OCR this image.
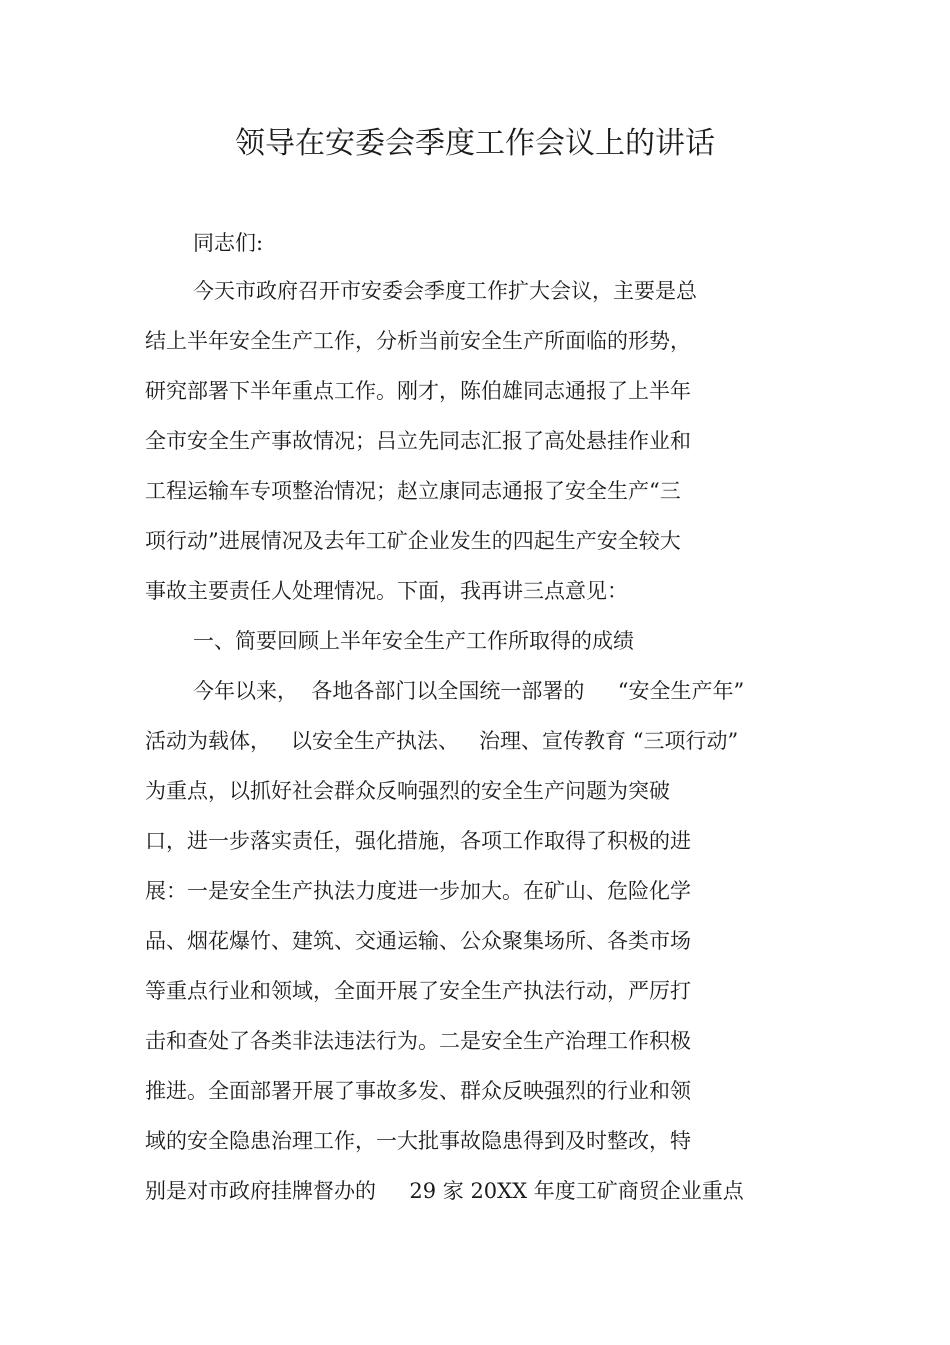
领导在安委会季度工作会议上的讲话
同志们:
今天市政府召开市安委会季度工作扩大会议，主要是总
结上半年安全生产工作，分析当前安全生产所面临的形势，
研究部署下半年重点工作。刚才，陈伯雄同志通报了上半年
全市安全生产事故情况；吕立先同志汇报了高处悬挂作业和
工程运输车专项整治情况；赵立康同志通报了安全生产“三
项行动”进展情况及去年工矿企业发生的四起生产安全较大
事故主要责任人处理情况。下面，我再讲三点意见：
一、简要回顾上半年安全生产工作所取得的成绩
今年以来，  各地各部门以全国统一部署的     “安全生产年”
活动为载体，   以安全生产执法、   治理、宣传教育 “三项行动”
为重点，以抓好社会群众反响强烈的安全生产问题为突破
口，进一步落实责任，强化措施，各项工作取得了积极的进
展：一是安全生产执法力度进一步加大。在矿山、危险化学
品、烟花爆竹、建筑、交通运输、公众聚集场所、各类市场
等重点行业和领域，全面开展了安全生产执法行动，严厉打
击和查处了各类非法违法行为。二是安全生产治理工作积极
推进。全面部署开展了事故多发、群众反映强烈的行业和领
域的安全隐患治理工作，一大批事故隐患得到及时整改，特
别是对市政府挂牌督办的     29 家 20XX 年度工矿商贸企业重点
